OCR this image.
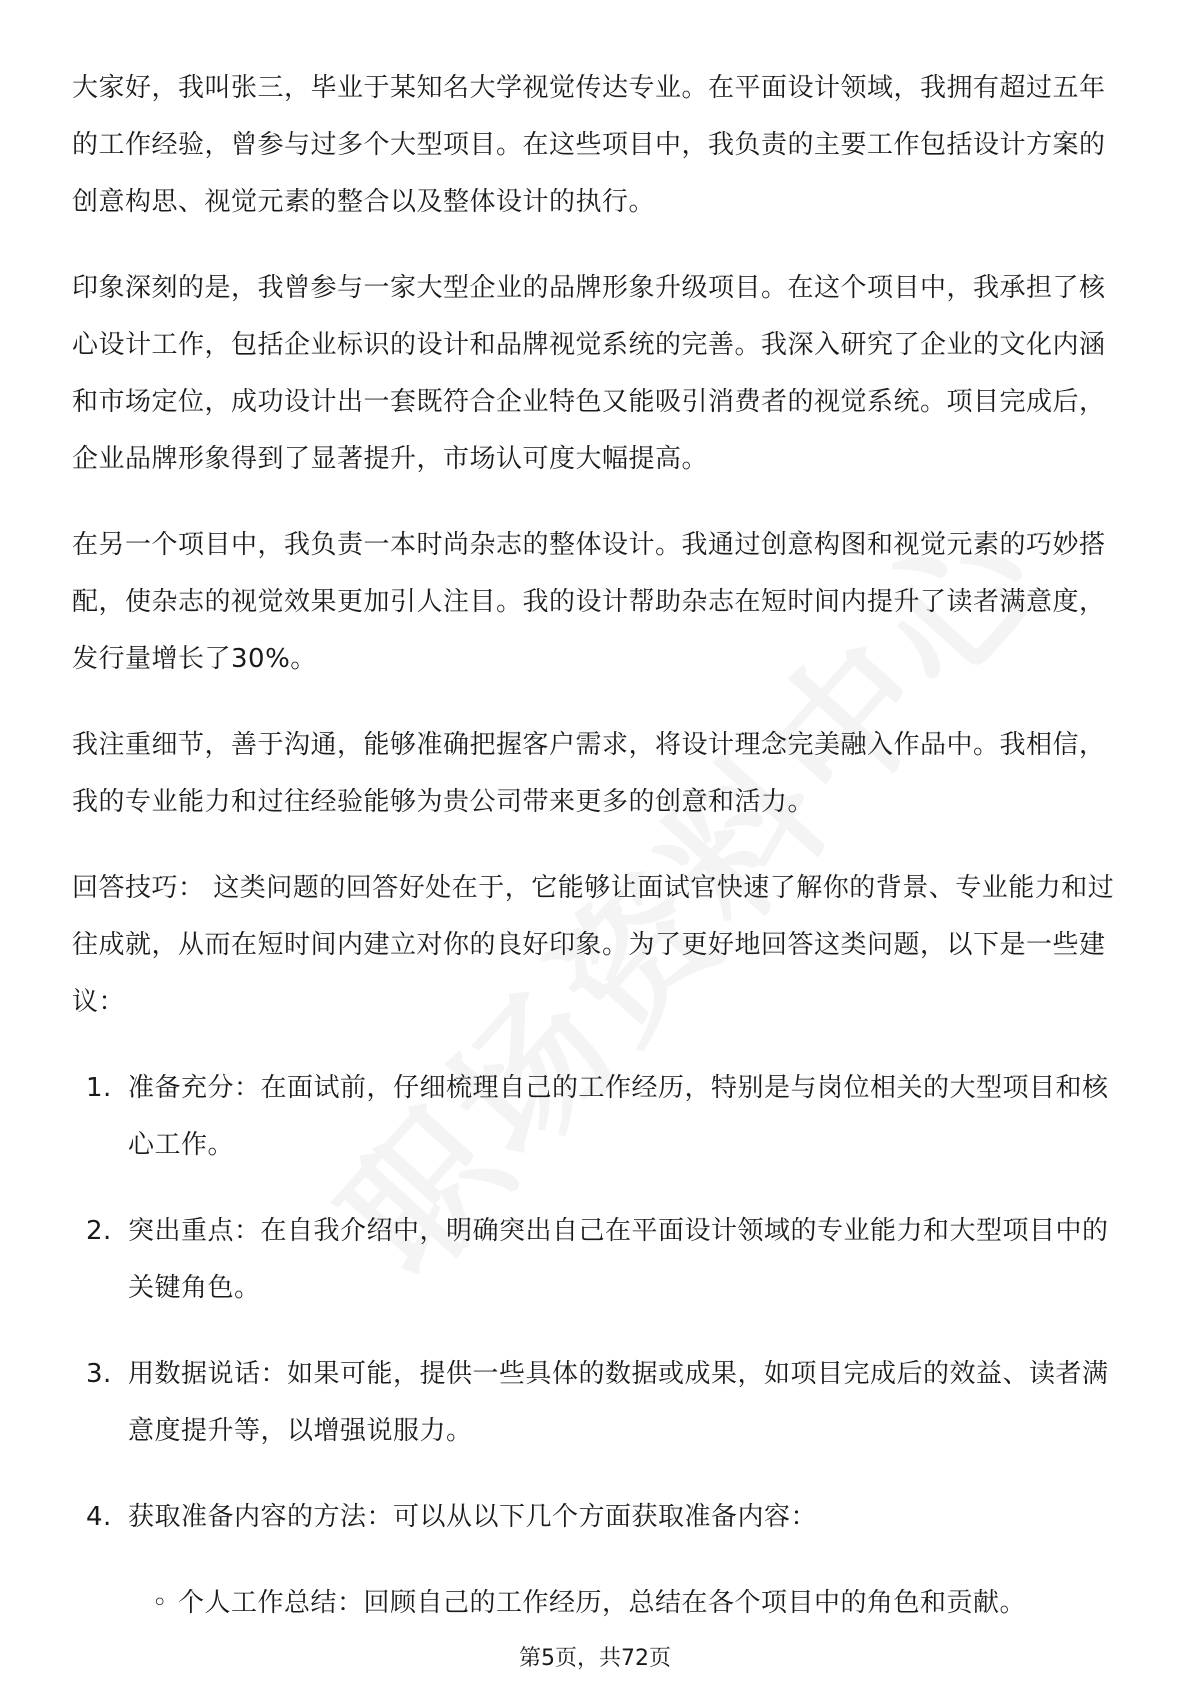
大家好，我叫张三，毕业于某知名大学视觉传达专业。在平面设计领域，我拥有超过五年的工作经验，曾参与过多个大型项目。在这些项目中，我负责的主要工作包括设计方案的创意构思、视觉元素的整合以及整体设计的执行。

印象深刻的是，我曾参与一家大型企业的品牌形象升级项目。在这个项目中，我承担了核心设计工作，包括企业标识的设计和品牌视觉系统的完善。我深入研究了企业的文化内涵和市场定位，成功设计出一套既符合企业特色又能吸引消费者的视觉系统。项目完成后，企业品牌形象得到了显著提升，市场认可度大幅提高。

在另一个项目中，我负责一本时尚杂志的整体设计。我通过创意构图和视觉元素的巧妙搭配，使杂志的视觉效果更加引人注目。我的设计帮助杂志在短时间内提升了读者满意度，发行量增长了30%。

我注重细节，善于沟通，能够准确把握客户需求，将设计理念完美融入作品中。我相信，我的专业能力和过往经验能够为贵公司带来更多的创意和活力。

回答技巧： 这类问题的回答好处在于，它能够让面试官快速了解你的背景、专业能力和过往成就，从而在短时间内建立对你的良好印象。为了更好地回答这类问题，以下是一些建议：

1. 准备充分：在面试前，仔细梳理自己的工作经历，特别是与岗位相关的大型项目和核心工作。
2. 突出重点：在自我介绍中，明确突出自己在平面设计领域的专业能力和大型项目中的关键角色。
3. 用数据说话：如果可能，提供一些具体的数据或成果，如项目完成后的效益、读者满意度提升等，以增强说服力。
4. 获取准备内容的方法：可以从以下几个方面获取准备内容：
◦ 个人工作总结：回顾自己的工作经历，总结在各个项目中的角色和贡献。
第5页，共72页
